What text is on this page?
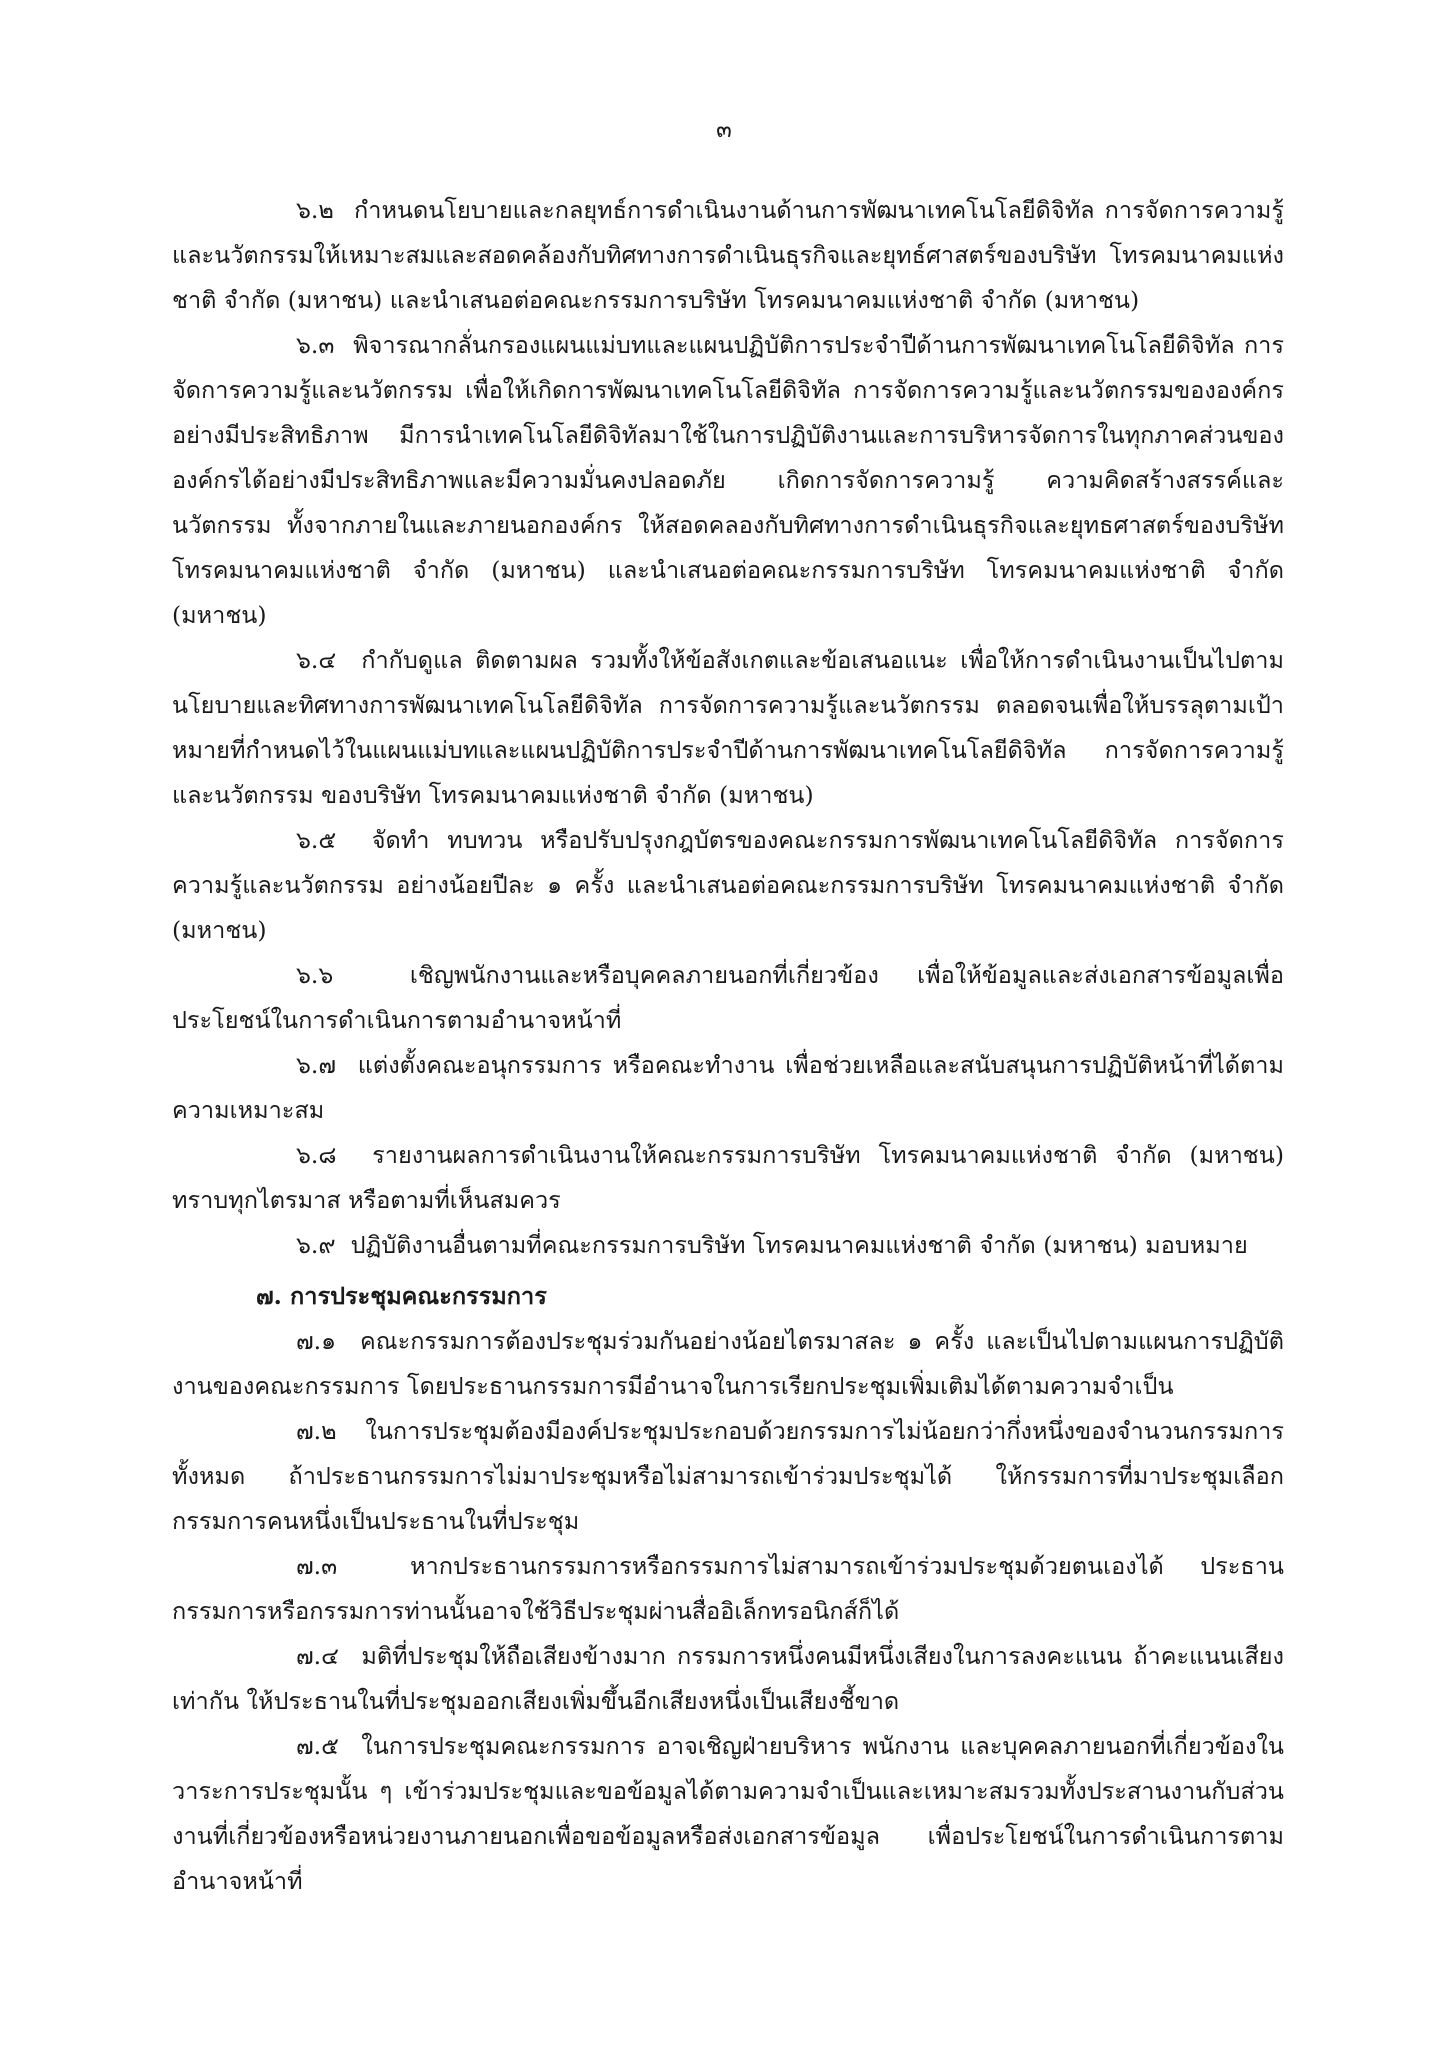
๓

๖.๒ กำหนดนโยบายและกลยุทธ์การดำเนินงานด้านการพัฒนาเทคโนโลยีดิจิทัล การจัดการความรู้และนวัตกรรมให้เหมาะสมและสอดคล้องกับทิศทางการดำเนินธุรกิจและยุทธ์ศาสตร์ของบริษัท โทรคมนาคมแห่งชาติ จำกัด (มหาชน) และนำเสนอต่อคณะกรรมการบริษัท โทรคมนาคมแห่งชาติ จำกัด (มหาชน)

๖.๓ พิจารณากลั่นกรองแผนแม่บทและแผนปฏิบัติการประจำปีด้านการพัฒนาเทคโนโลยีดิจิทัล การจัดการความรู้และนวัตกรรม เพื่อให้เกิดการพัฒนาเทคโนโลยีดิจิทัล การจัดการความรู้และนวัตกรรมขององค์กรอย่างมีประสิทธิภาพ มีการนำเทคโนโลยีดิจิทัลมาใช้ในการปฏิบัติงานและการบริหารจัดการในทุกภาคส่วนขององค์กรได้อย่างมีประสิทธิภาพและมีความมั่นคงปลอดภัย เกิดการจัดการความรู้ ความคิดสร้างสรรค์และนวัตกรรม ทั้งจากภายในและภายนอกองค์กร ให้สอดคลองกับทิศทางการดำเนินธุรกิจและยุทธศาสตร์ของบริษัท โทรคมนาคมแห่งชาติ จำกัด (มหาชน) และนำเสนอต่อคณะกรรมการบริษัท โทรคมนาคมแห่งชาติ จำกัด (มหาชน)

๖.๔ กำกับดูแล ติดตามผล รวมทั้งให้ข้อสังเกตและข้อเสนอแนะ เพื่อให้การดำเนินงานเป็นไปตามนโยบายและทิศทางการพัฒนาเทคโนโลยีดิจิทัล การจัดการความรู้และนวัตกรรม ตลอดจนเพื่อให้บรรลุตามเป้าหมายที่กำหนดไว้ในแผนแม่บทและแผนปฏิบัติการประจำปีด้านการพัฒนาเทคโนโลยีดิจิทัล การจัดการความรู้และนวัตกรรม ของบริษัท โทรคมนาคมแห่งชาติ จำกัด (มหาชน)

๖.๕ จัดทำ ทบทวน หรือปรับปรุงกฎบัตรของคณะกรรมการพัฒนาเทคโนโลยีดิจิทัล การจัดการความรู้และนวัตกรรม อย่างน้อยปีละ ๑ ครั้ง และนำเสนอต่อคณะกรรมการบริษัท โทรคมนาคมแห่งชาติ จำกัด (มหาชน)

๖.๖	เชิญพนักงานและหรือบุคคลภายนอกที่เกี่ยวข้อง เพื่อให้ข้อมูลและส่งเอกสารข้อมูลเพื่อประโยชน์ในการดำเนินการตามอำนาจหน้าที่

๖.๗ แต่งตั้งคณะอนุกรรมการ หรือคณะทำงาน เพื่อช่วยเหลือและสนับสนุนการปฏิบัติหน้าที่ได้ตามความเหมาะสม

๖.๘ รายงานผลการดำเนินงานให้คณะกรรมการบริษัท โทรคมนาคมแห่งชาติ จำกัด (มหาชน) ทราบทุกไตรมาส หรือตามที่เห็นสมควร

๖.๙ ปฏิบัติงานอื่นตามที่คณะกรรมการบริษัท โทรคมนาคมแห่งชาติ จำกัด (มหาชน) มอบหมาย

๗. การประชุมคณะกรรมการ

๗.๑ คณะกรรมการต้องประชุมร่วมกันอย่างน้อยไตรมาสละ ๑ ครั้ง และเป็นไปตามแผนการปฏิบัติงานของคณะกรรมการ โดยประธานกรรมการมีอำนาจในการเรียกประชุมเพิ่มเติมได้ตามความจำเป็น

๗.๒ ในการประชุมต้องมีองค์ประชุมประกอบด้วยกรรมการไม่น้อยกว่ากึ่งหนึ่งของจำนวนกรรมการทั้งหมด ถ้าประธานกรรมการไม่มาประชุมหรือไม่สามารถเข้าร่วมประชุมได้ ให้กรรมการที่มาประชุมเลือกกรรมการคนหนึ่งเป็นประธานในที่ประชุม

๗.๓	หากประธานกรรมการหรือกรรมการไม่สามารถเข้าร่วมประชุมด้วยตนเองได้ ประธานกรรมการหรือกรรมการท่านนั้นอาจใช้วิธีประชุมผ่านสื่ออิเล็กทรอนิกส์ก็ได้

๗.๔ มติที่ประชุมให้ถือเสียงข้างมาก กรรมการหนึ่งคนมีหนึ่งเสียงในการลงคะแนน ถ้าคะแนนเสียงเท่ากัน ให้ประธานในที่ประชุมออกเสียงเพิ่มขึ้นอีกเสียงหนึ่งเป็นเสียงชี้ขาด

๗.๕ ในการประชุมคณะกรรมการ อาจเชิญฝ่ายบริหาร พนักงาน และบุคคลภายนอกที่เกี่ยวข้องในวาระการประชุมนั้น ๆ เข้าร่วมประชุมและขอข้อมูลได้ตามความจำเป็นและเหมาะสมรวมทั้งประสานงานกับส่วนงานที่เกี่ยวข้องหรือหน่วยงานภายนอกเพื่อขอข้อมูลหรือส่งเอกสารข้อมูล เพื่อประโยชน์ในการดำเนินการตามอำนาจหน้าที่
